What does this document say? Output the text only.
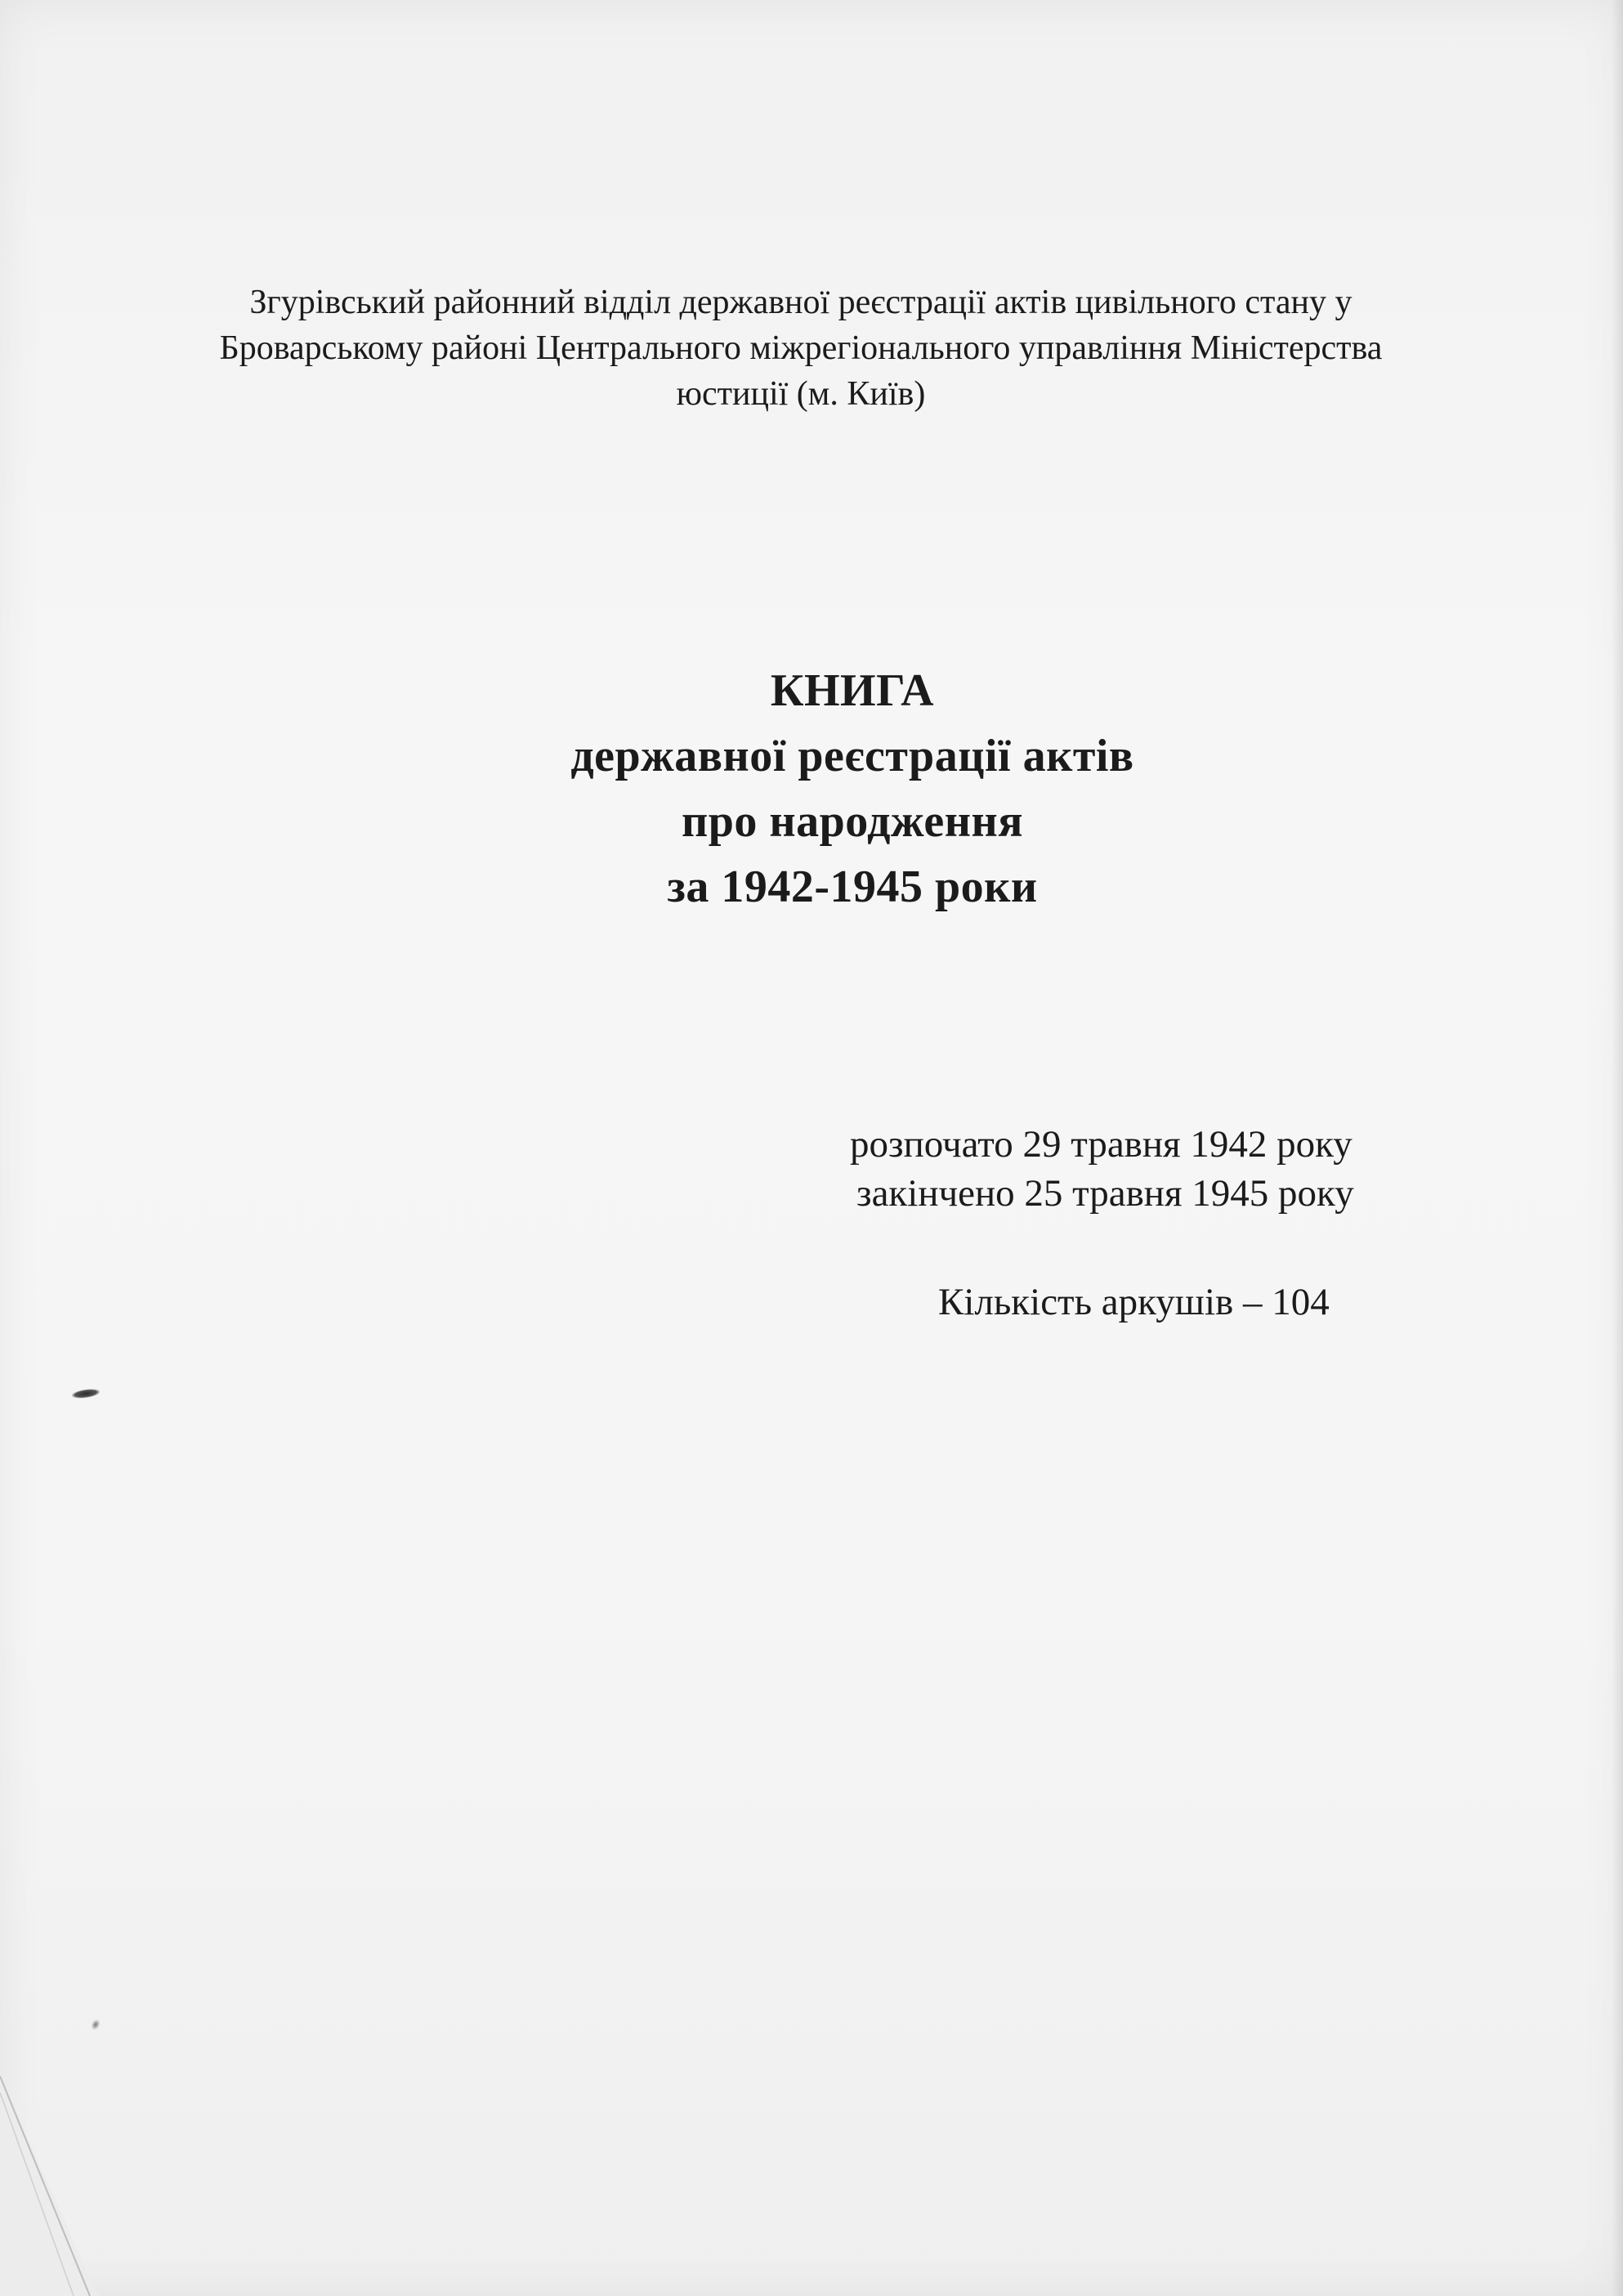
Згурівський районний відділ державної реєстрації актів цивільного стану у
Броварському районі Центрального міжрегіонального управління Міністерства
юстиції (м. Київ)
КНИГА
державної реєстрації актів
про народження
за 1942-1945 роки
розпочато 29 травня 1942 року
закінчено 25 травня 1945 року
Кількість аркушів – 104
